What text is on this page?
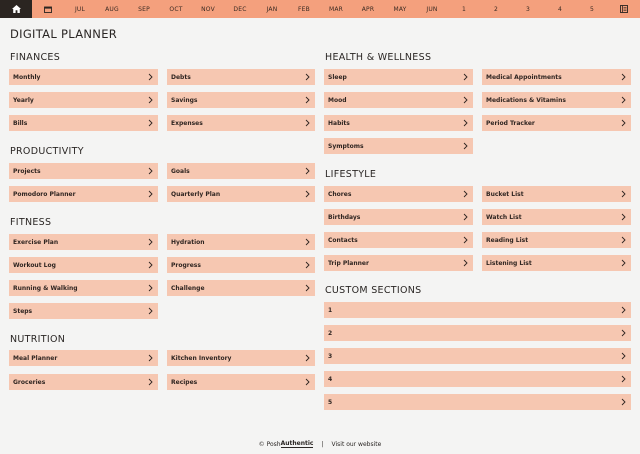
JUL	AUG	SEP	OCT	NOV	DEC	JAN	FEB	MAR	APR	MAY	JUN	1	2	3	4	5
DIGITAL PLANNER
FINANCES
Monthly	Debts
Yearly	Savings
Bills	Expenses
PRODUCTIVITY
Projects	Goals
Pomodoro Planner	Quarterly Plan
FITNESS
Exercise Plan	Hydration
Workout Log	Progress
Running & Walking	Challenge
Steps
NUTRITION
Meal Planner	Kitchen Inventory
Groceries	Recipes
HEALTH & WELLNESS
Sleep	Medical Appointments
Mood	Medications & Vitamins
Habits	Period Tracker
Symptoms
LIFESTYLE
Chores	Bucket List
Birthdays	Watch List
Contacts	Reading List
Trip Planner	Listening List
CUSTOM SECTIONS
1
2
3
4
5
© Posh Authentic | Visit our website
